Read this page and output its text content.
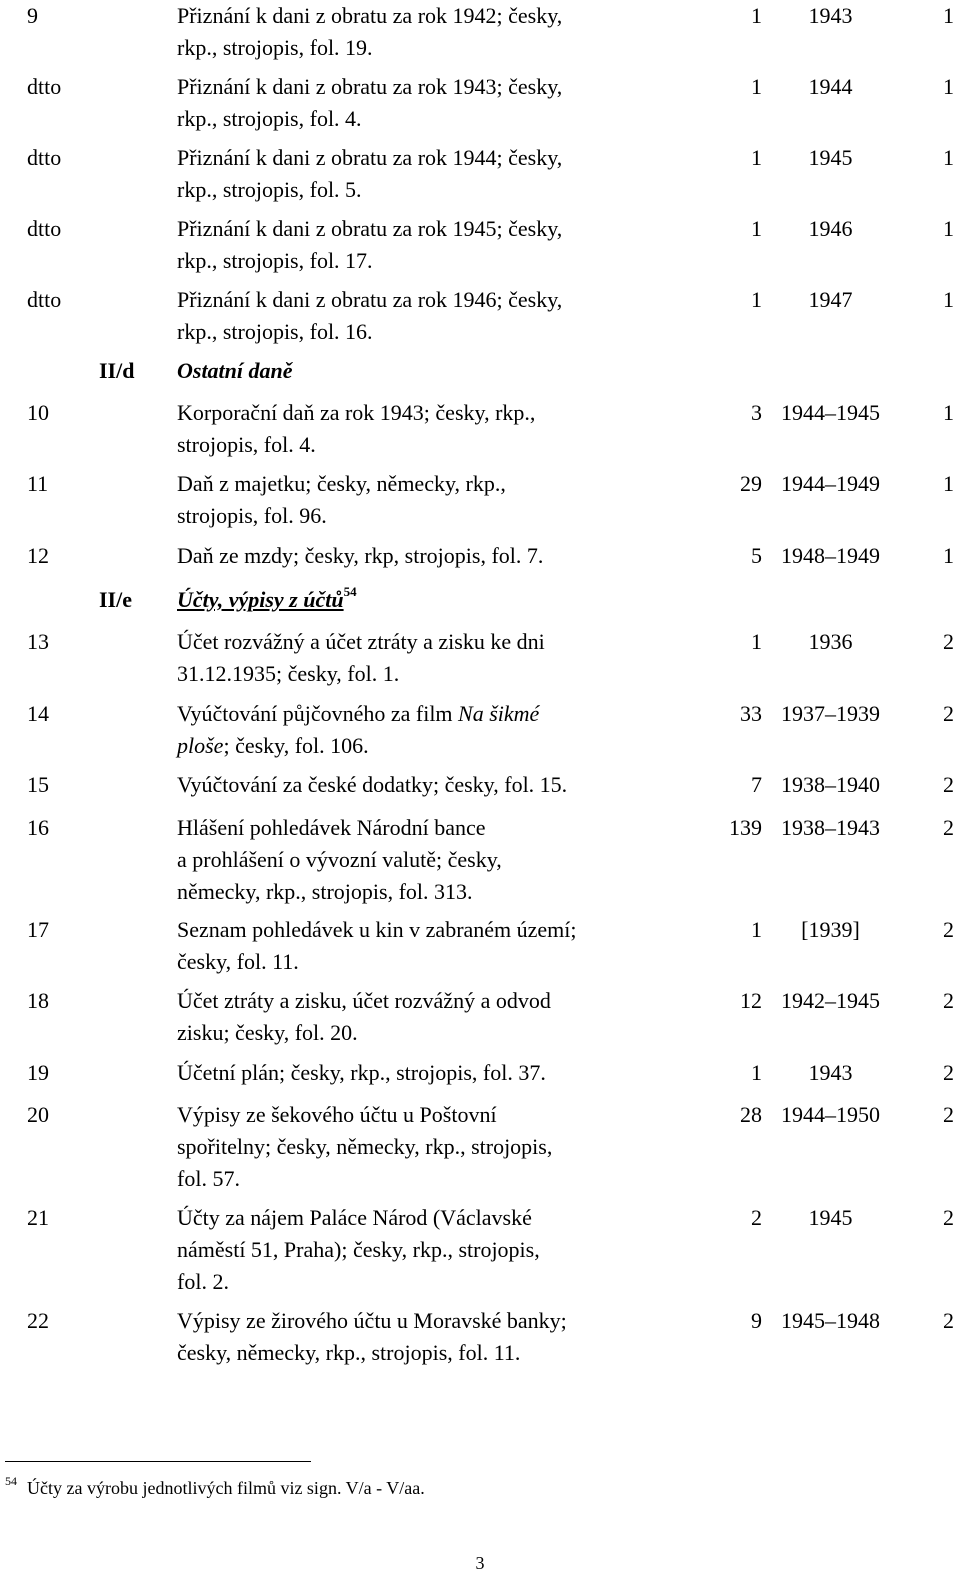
9	Přiznání k dani z obratu za rok 1942; česky,
rkp., strojopis, fol. 19.
1	1943	1
dtto	Přiznání k dani z obratu za rok 1943; česky,
rkp., strojopis, fol. 4.
1	1944	1
dtto	Přiznání k dani z obratu za rok 1944; česky,
rkp., strojopis, fol. 5.
1	1945	1
dtto	Přiznání k dani z obratu za rok 1945; česky,
rkp., strojopis, fol. 17.
1	1946	1
dtto	Přiznání k dani z obratu za rok 1946; česky,
rkp., strojopis, fol. 16.
1	1947	1
II/d Ostatní daně
10	Korporační daň za rok 1943; česky, rkp.,
strojopis, fol. 4.
3 1944–1945	1
11	Daň z majetku; česky, německy, rkp.,
strojopis, fol. 96.
29 1944–1949	1
12	Daň ze mzdy; česky, rkp, strojopis, fol. 7.	5 1948–1949	1
II/e Účty, výpisy z účtů$^{54}$
13	Účet rozvážný a účet ztráty a zisku ke dni
31.12.1935; česky, fol. 1.
1	1936	2
14	Vyúčtování půjčovného za film Na šikmé
ploše; česky, fol. 106.
33 1937–1939	2
15	Vyúčtování za české dodatky; česky, fol. 15.	7 1938–1940	2
16	Hlášení pohledávek Národní bance
a prohlášení o vývozní valutě; česky,
německy, rkp., strojopis, fol. 313.
139 1938–1943	2
17	Seznam pohledávek u kin v zabraném území;
česky, fol. 11.
1	[1939]	2
18	Účet ztráty a zisku, účet rozvážný a odvod
zisku; česky, fol. 20.
12 1942–1945	2
19	Účetní plán; česky, rkp., strojopis, fol. 37.	1	1943	2
20	Výpisy ze šekového účtu u Poštovní
spořitelny; česky, německy, rkp., strojopis,
fol. 57.
28 1944–1950	2
21	Účty za nájem Paláce Národ (Václavské
náměstí 51, Praha); česky, rkp., strojopis,
fol. 2.
2	1945	2
22	Výpisy ze žirového účtu u Moravské banky;
česky, německy, rkp., strojopis, fol. 11.
9 1945–1948	2
$^{54}$ Účty za výrobu jednotlivých filmů viz sign. V/a - V/aa.
3
